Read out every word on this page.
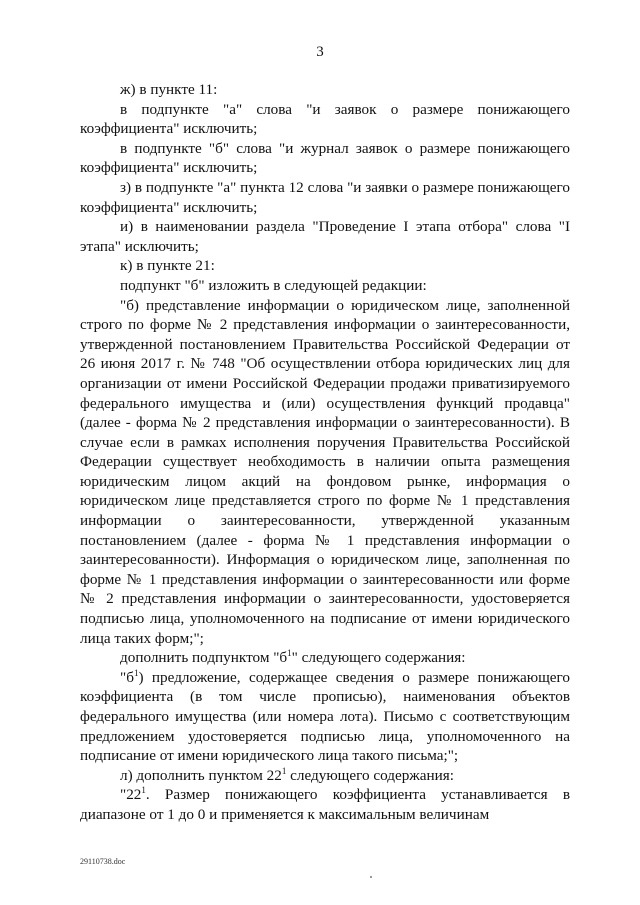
3

ж) в пункте 11:

в подпункте "а" слова "и заявок о размере понижающего коэффициента" исключить;

в подпункте "б" слова "и журнал заявок о размере понижающего коэффициента" исключить;

з) в подпункте "а" пункта 12 слова "и заявки о размере понижающего коэффициента" исключить;

и) в наименовании раздела "Проведение I этапа отбора" слова "I этапа" исключить;

к) в пункте 21:

подпункт "б" изложить в следующей редакции:

"б) представление информации о юридическом лице, заполненной строго по форме № 2 представления информации о заинтересованности, утвержденной постановлением Правительства Российской Федерации от 26 июня 2017 г. № 748 "Об осуществлении отбора юридических лиц для организации от имени Российской Федерации продажи приватизируемого федерального имущества и (или) осуществления функций продавца" (далее - форма № 2 представления информации о заинтересованности). В случае если в рамках исполнения поручения Правительства Российской Федерации существует необходимость в наличии опыта размещения юридическим лицом акций на фондовом рынке, информация о юридическом лице представляется строго по форме № 1 представления информации о заинтересованности, утвержденной указанным постановлением (далее - форма № 1 представления информации о заинтересованности). Информация о юридическом лице, заполненная по форме № 1 представления информации о заинтересованности или форме № 2 представления информации о заинтересованности, удостоверяется подписью лица, уполномоченного на подписание от имени юридического лица таких форм;";

дополнить подпунктом "$б^1$" следующего содержания:

"$б^1$) предложение, содержащее сведения о размере понижающего коэффициента (в том числе прописью), наименования объектов федерального имущества (или номера лота). Письмо с соответствующим предложением удостоверяется подписью лица, уполномоченного на подписание от имени юридического лица такого письма;";

л) дополнить пунктом $22^1$ следующего содержания:

"$22^1$. Размер понижающего коэффициента устанавливается в диапазоне от 1 до 0 и применяется к максимальным величинам

29110738.doc
